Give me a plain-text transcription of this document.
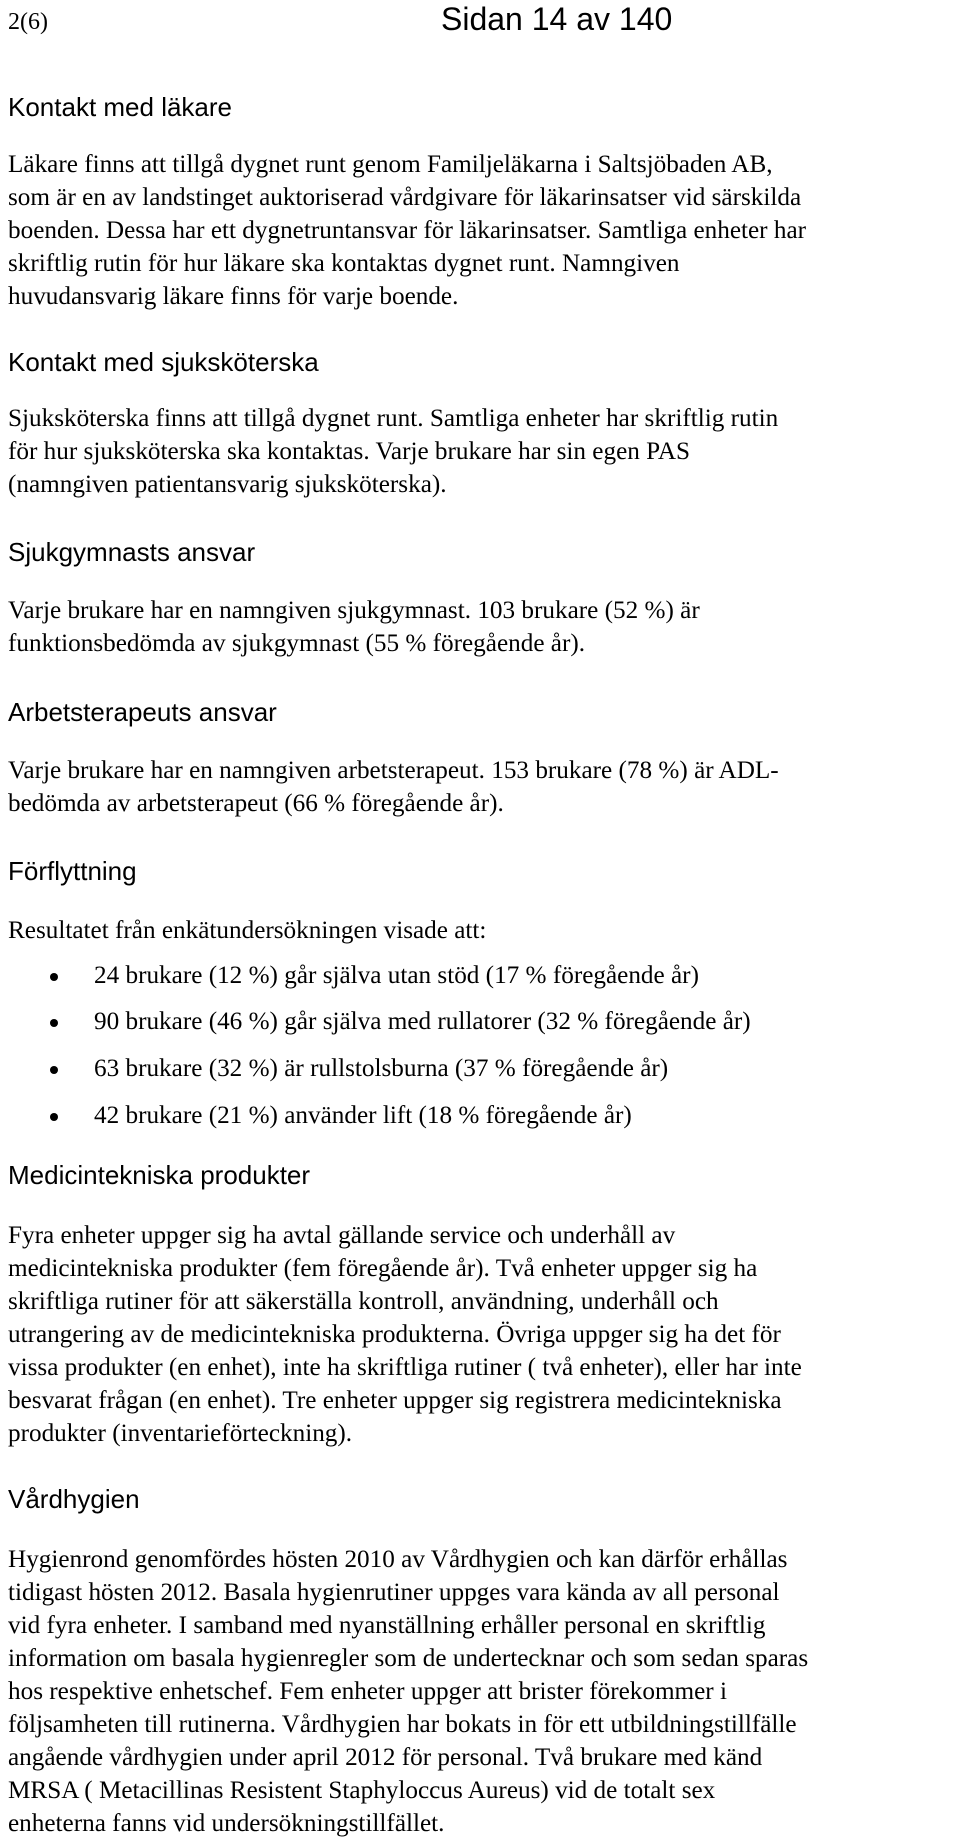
2(6)	Sidan 14 av 140
Kontakt med läkare
Läkare finns att tillgå dygnet runt genom Familjeläkarna i Saltsjöbaden AB,
som är en av landstinget auktoriserad vårdgivare för läkarinsatser vid särskilda
boenden. Dessa har ett dygnetruntansvar för läkarinsatser. Samtliga enheter har
skriftlig rutin för hur läkare ska kontaktas dygnet runt. Namngiven
huvudansvarig läkare finns för varje boende.
Kontakt med sjuksköterska
Sjuksköterska finns att tillgå dygnet runt. Samtliga enheter har skriftlig rutin
för hur sjuksköterska ska kontaktas. Varje brukare har sin egen PAS
(namngiven patientansvarig sjuksköterska).
Sjukgymnasts ansvar
Varje brukare har en namngiven sjukgymnast. 103 brukare (52 %) är
funktionsbedömda av sjukgymnast (55 % föregående år).
Arbetsterapeuts ansvar
Varje brukare har en namngiven arbetsterapeut. 153 brukare (78 %) är ADL-
bedömda av arbetsterapeut (66 % föregående år).
Förflyttning
Resultatet från enkätundersökningen visade att:
24 brukare (12 %) går själva utan stöd (17 % föregående år)
90 brukare (46 %) går själva med rullatorer (32 % föregående år)
63 brukare (32 %) är rullstolsburna (37 % föregående år)
42 brukare (21 %) använder lift (18 % föregående år)
Medicintekniska produkter
Fyra enheter uppger sig ha avtal gällande service och underhåll av
medicintekniska produkter (fem föregående år). Två enheter uppger sig ha
skriftliga rutiner för att säkerställa kontroll, användning, underhåll och
utrangering av de medicintekniska produkterna. Övriga uppger sig ha det för
vissa produkter (en enhet), inte ha skriftliga rutiner ( två enheter), eller har inte
besvarat frågan (en enhet). Tre enheter uppger sig registrera medicintekniska
produkter (inventarieförteckning).
Vårdhygien
Hygienrond genomfördes hösten 2010 av Vårdhygien och kan därför erhållas
tidigast hösten 2012. Basala hygienrutiner uppges vara kända av all personal
vid fyra enheter. I samband med nyanställning erhåller personal en skriftlig
information om basala hygienregler som de undertecknar och som sedan sparas
hos respektive enhetschef. Fem enheter uppger att brister förekommer i
följsamheten till rutinerna. Vårdhygien har bokats in för ett utbildningstillfälle
angående vårdhygien under april 2012 för personal. Två brukare med känd
MRSA ( Metacillinas Resistent Staphyloccus Aureus) vid de totalt sex
enheterna fanns vid undersökningstillfället.
